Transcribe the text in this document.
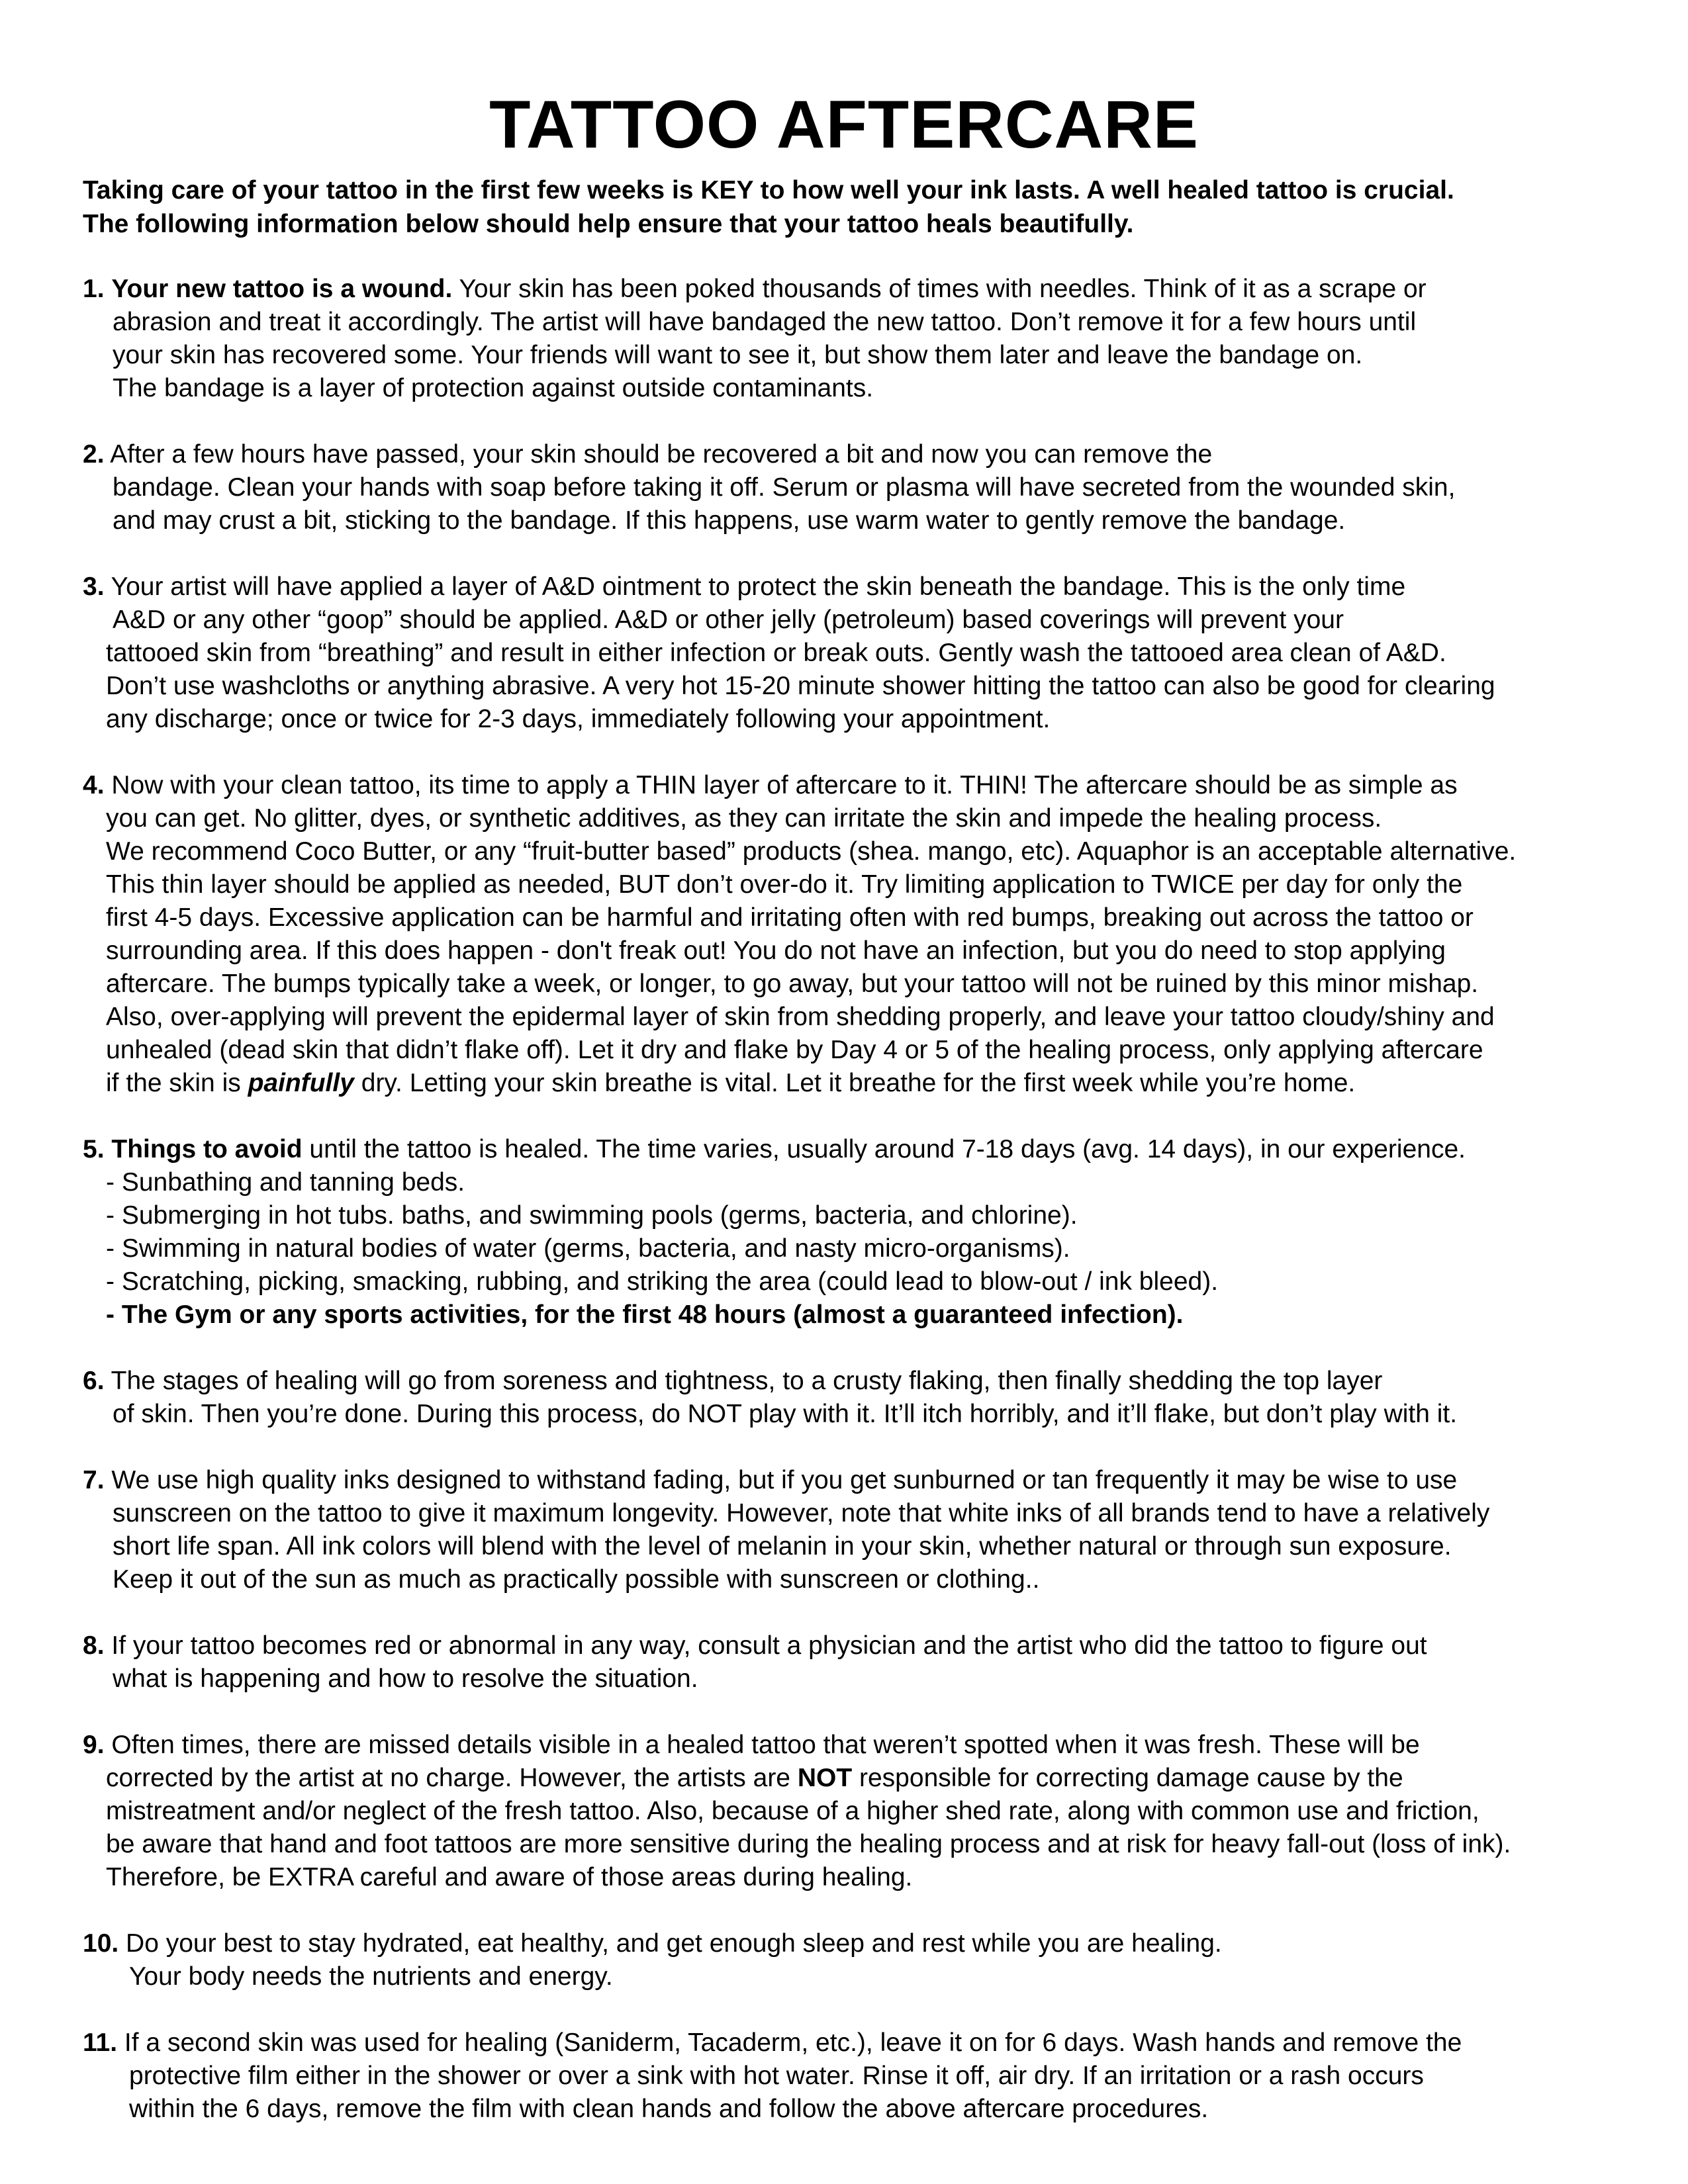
TATTOO AFTERCARE
Taking care of your tattoo in the first few weeks is KEY to how well your ink lasts. A well healed tattoo is crucial.
The following information below should help ensure that your tattoo heals beautifully.
1. Your new tattoo is a wound. Your skin has been poked thousands of times with needles. Think of it as a scrape or
abrasion and treat it accordingly. The artist will have bandaged the new tattoo. Don’t remove it for a few hours until
your skin has recovered some. Your friends will want to see it, but show them later and leave the bandage on.
The bandage is a layer of protection against outside contaminants.
2. After a few hours have passed, your skin should be recovered a bit and now you can remove the
bandage. Clean your hands with soap before taking it off. Serum or plasma will have secreted from the wounded skin,
and may crust a bit, sticking to the bandage. If this happens, use warm water to gently remove the bandage.
3. Your artist will have applied a layer of A&D ointment to protect the skin beneath the bandage. This is the only time
A&D or any other “goop” should be applied. A&D or other jelly (petroleum) based coverings will prevent your
tattooed skin from “breathing” and result in either infection or break outs. Gently wash the tattooed area clean of A&D.
Don’t use washcloths or anything abrasive. A very hot 15-20 minute shower hitting the tattoo can also be good for clearing
any discharge; once or twice for 2-3 days, immediately following your appointment.
4. Now with your clean tattoo, its time to apply a THIN layer of aftercare to it. THIN! The aftercare should be as simple as
you can get. No glitter, dyes, or synthetic additives, as they can irritate the skin and impede the healing process.
We recommend Coco Butter, or any “fruit-butter based” products (shea. mango, etc). Aquaphor is an acceptable alternative.
This thin layer should be applied as needed, BUT don’t over-do it. Try limiting application to TWICE per day for only the
first 4-5 days. Excessive application can be harmful and irritating often with red bumps, breaking out across the tattoo or
surrounding area. If this does happen - don't freak out! You do not have an infection, but you do need to stop applying
aftercare. The bumps typically take a week, or longer, to go away, but your tattoo will not be ruined by this minor mishap.
Also, over-applying will prevent the epidermal layer of skin from shedding properly, and leave your tattoo cloudy/shiny and
unhealed (dead skin that didn’t flake off). Let it dry and flake by Day 4 or 5 of the healing process, only applying aftercare
if the skin is painfully dry. Letting your skin breathe is vital. Let it breathe for the first week while you’re home.
5. Things to avoid until the tattoo is healed. The time varies, usually around 7-18 days (avg. 14 days), in our experience.
- Sunbathing and tanning beds.
- Submerging in hot tubs. baths, and swimming pools (germs, bacteria, and chlorine).
- Swimming in natural bodies of water (germs, bacteria, and nasty micro-organisms).
- Scratching, picking, smacking, rubbing, and striking the area (could lead to blow-out / ink bleed).
- The Gym or any sports activities, for the first 48 hours (almost a guaranteed infection).
6. The stages of healing will go from soreness and tightness, to a crusty flaking, then finally shedding the top layer
of skin. Then you’re done. During this process, do NOT play with it. It’ll itch horribly, and it’ll flake, but don’t play with it.
7. We use high quality inks designed to withstand fading, but if you get sunburned or tan frequently it may be wise to use
sunscreen on the tattoo to give it maximum longevity. However, note that white inks of all brands tend to have a relatively
short life span. All ink colors will blend with the level of melanin in your skin, whether natural or through sun exposure.
Keep it out of the sun as much as practically possible with sunscreen or clothing..
8. If your tattoo becomes red or abnormal in any way, consult a physician and the artist who did the tattoo to figure out
what is happening and how to resolve the situation.
9. Often times, there are missed details visible in a healed tattoo that weren’t spotted when it was fresh. These will be
corrected by the artist at no charge. However, the artists are NOT responsible for correcting damage cause by the
mistreatment and/or neglect of the fresh tattoo. Also, because of a higher shed rate, along with common use and friction,
be aware that hand and foot tattoos are more sensitive during the healing process and at risk for heavy fall-out (loss of ink).
Therefore, be EXTRA careful and aware of those areas during healing.
10. Do your best to stay hydrated, eat healthy, and get enough sleep and rest while you are healing.
Your body needs the nutrients and energy.
11. If a second skin was used for healing (Saniderm, Tacaderm, etc.), leave it on for 6 days. Wash hands and remove the
protective film either in the shower or over a sink with hot water. Rinse it off, air dry. If an irritation or a rash occurs
within the 6 days, remove the film with clean hands and follow the above aftercare procedures.
